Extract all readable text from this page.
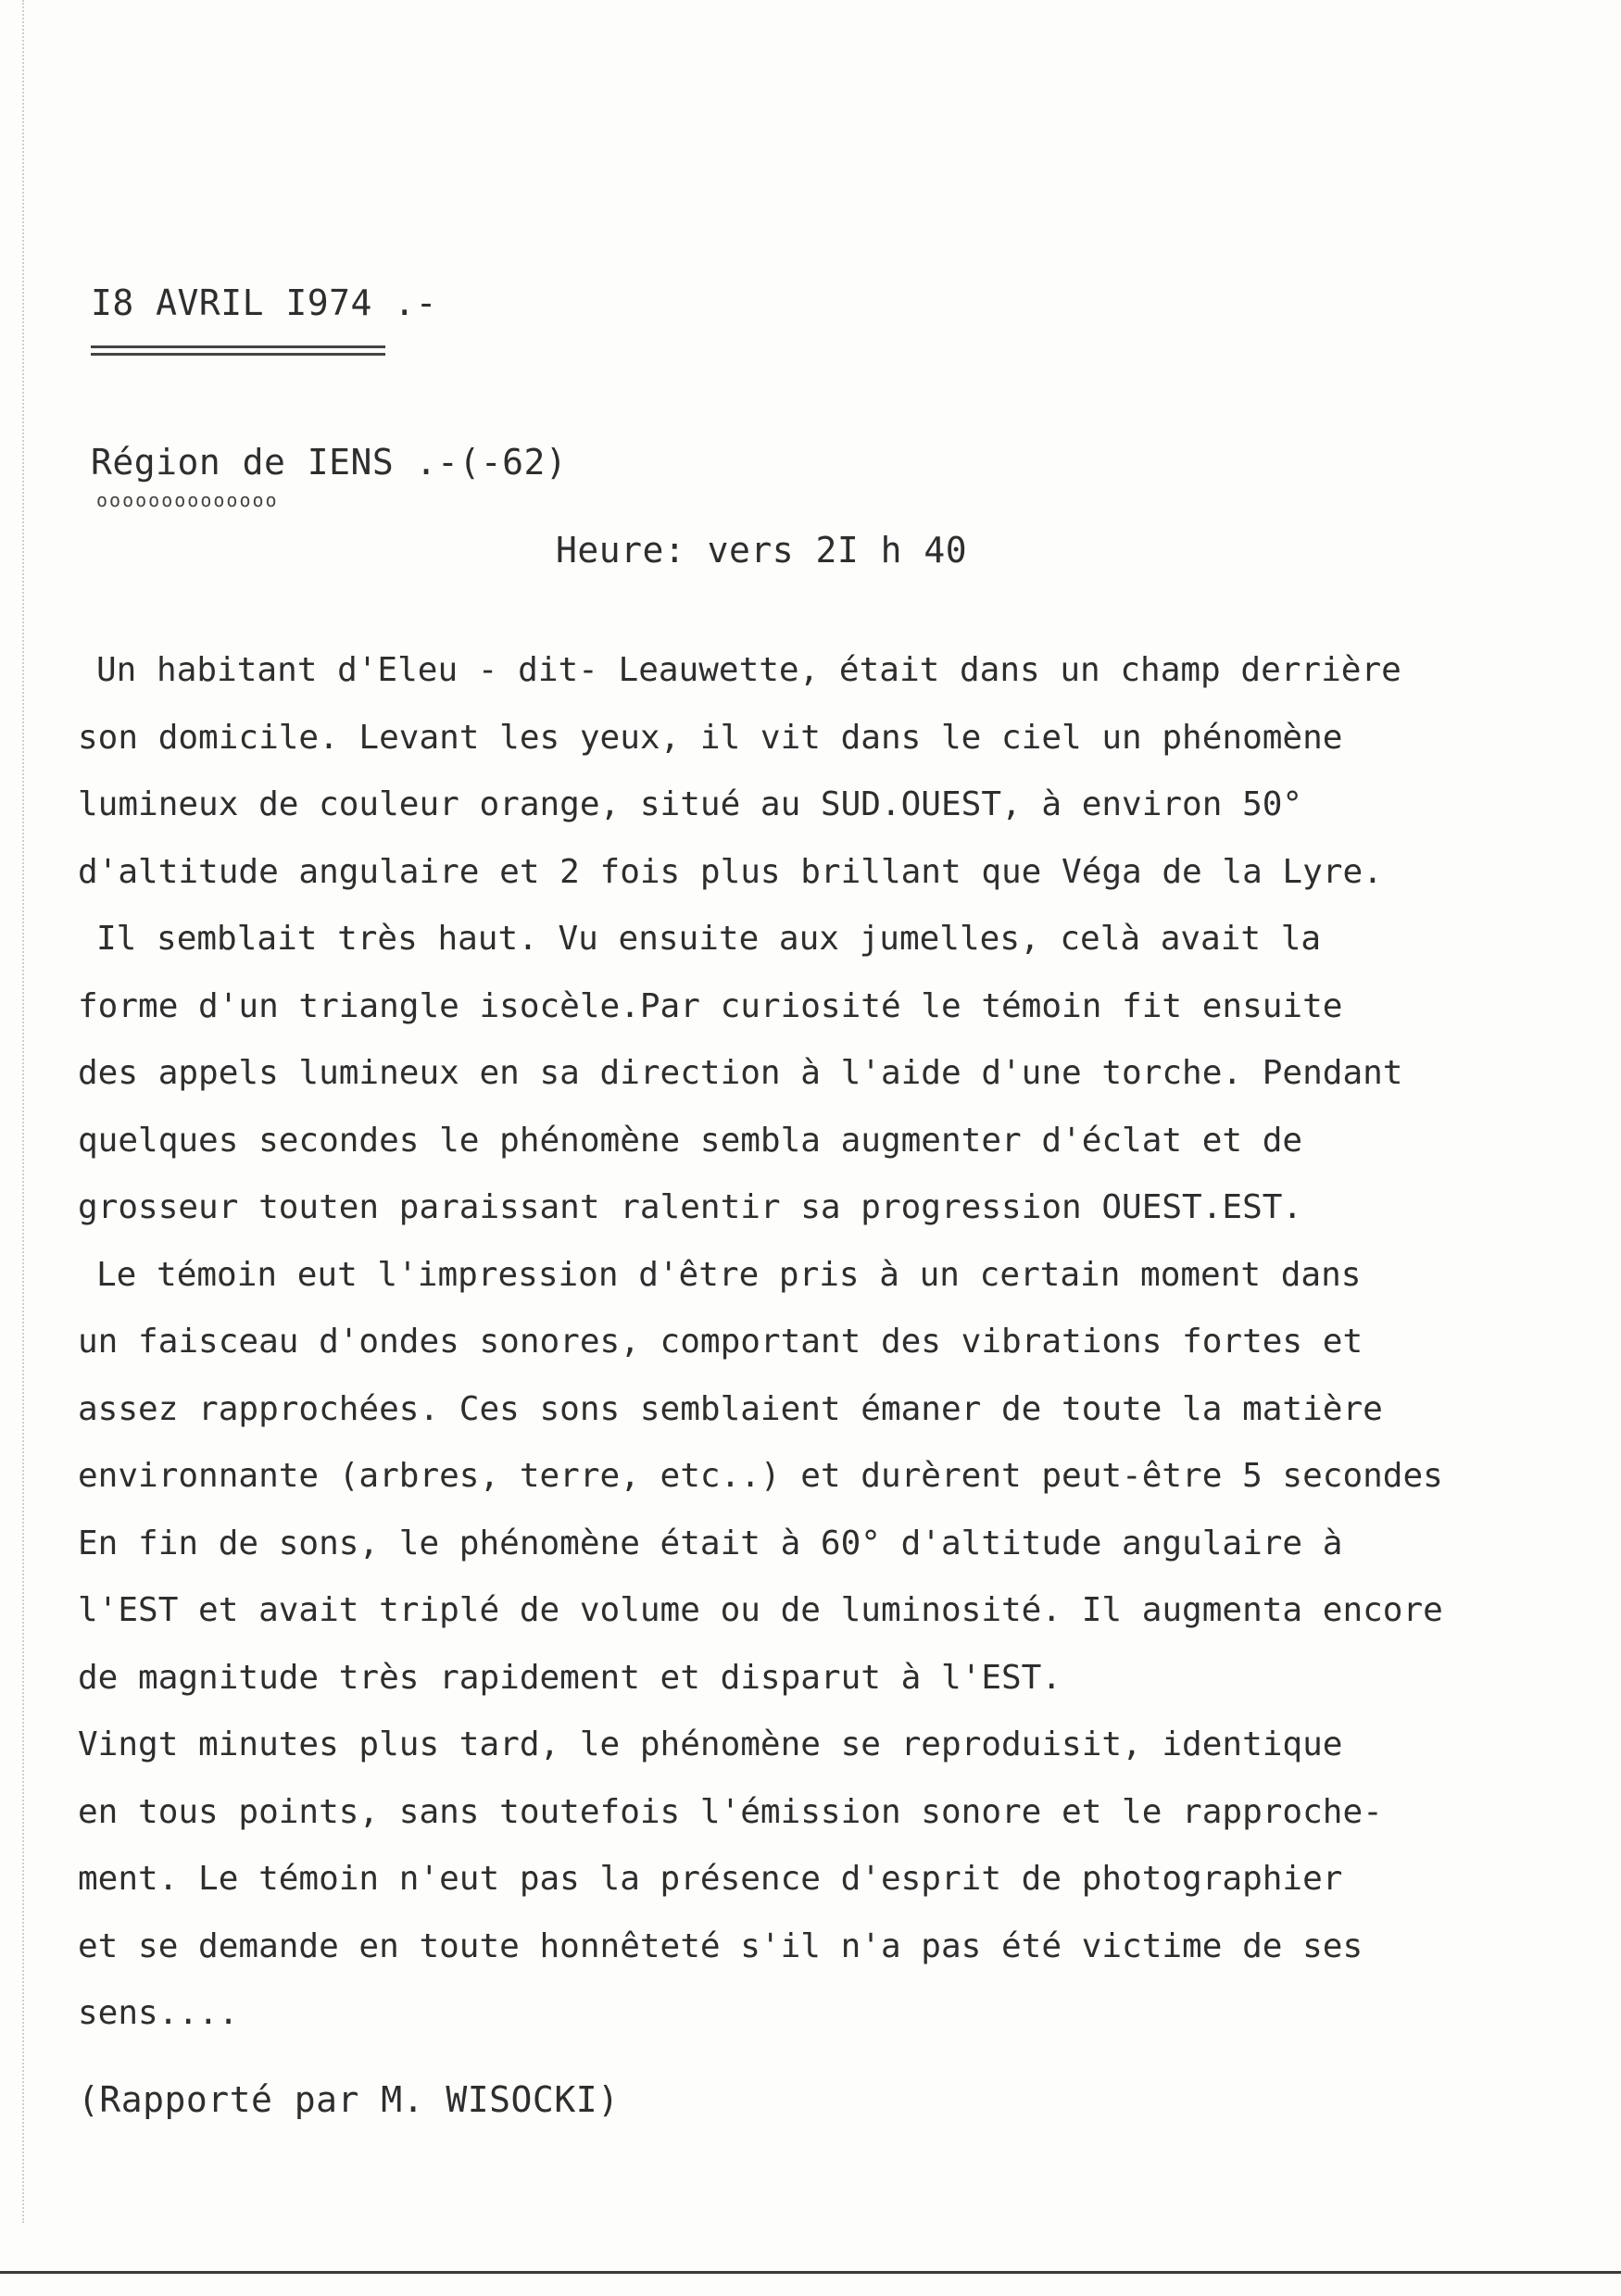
I8 AVRIL I974 .-
Région de IENS .-(-62)
oooooooooooooo
Heure: vers 2I h 40
Un habitant d'Eleu - dit- Leauwette, était dans un champ derrière
son domicile. Levant les yeux, il vit dans le ciel un phénomène
lumineux de couleur orange, situé au SUD.OUEST, à environ 50°
d'altitude angulaire et 2 fois plus brillant que Véga de la Lyre.
Il semblait très haut. Vu ensuite aux jumelles, celà avait la
forme d'un triangle isocèle.Par curiosité le témoin fit ensuite
des appels lumineux en sa direction à l'aide d'une torche. Pendant
quelques secondes le phénomène sembla augmenter d'éclat et de
grosseur touten paraissant ralentir sa progression OUEST.EST.
Le témoin eut l'impression d'être pris à un certain moment dans
un faisceau d'ondes sonores, comportant des vibrations fortes et
assez rapprochées. Ces sons semblaient émaner de toute la matière
environnante (arbres, terre, etc..) et durèrent peut-être 5 secondes
En fin de sons, le phénomène était à 60° d'altitude angulaire à
l'EST et avait triplé de volume ou de luminosité. Il augmenta encore
de magnitude très rapidement et disparut à l'EST.
Vingt minutes plus tard, le phénomène se reproduisit, identique
en tous points, sans toutefois l'émission sonore et le rapproche-
ment. Le témoin n'eut pas la présence d'esprit de photographier
et se demande en toute honnêteté s'il n'a pas été victime de ses
sens....
(Rapporté par M. WISOCKI)
